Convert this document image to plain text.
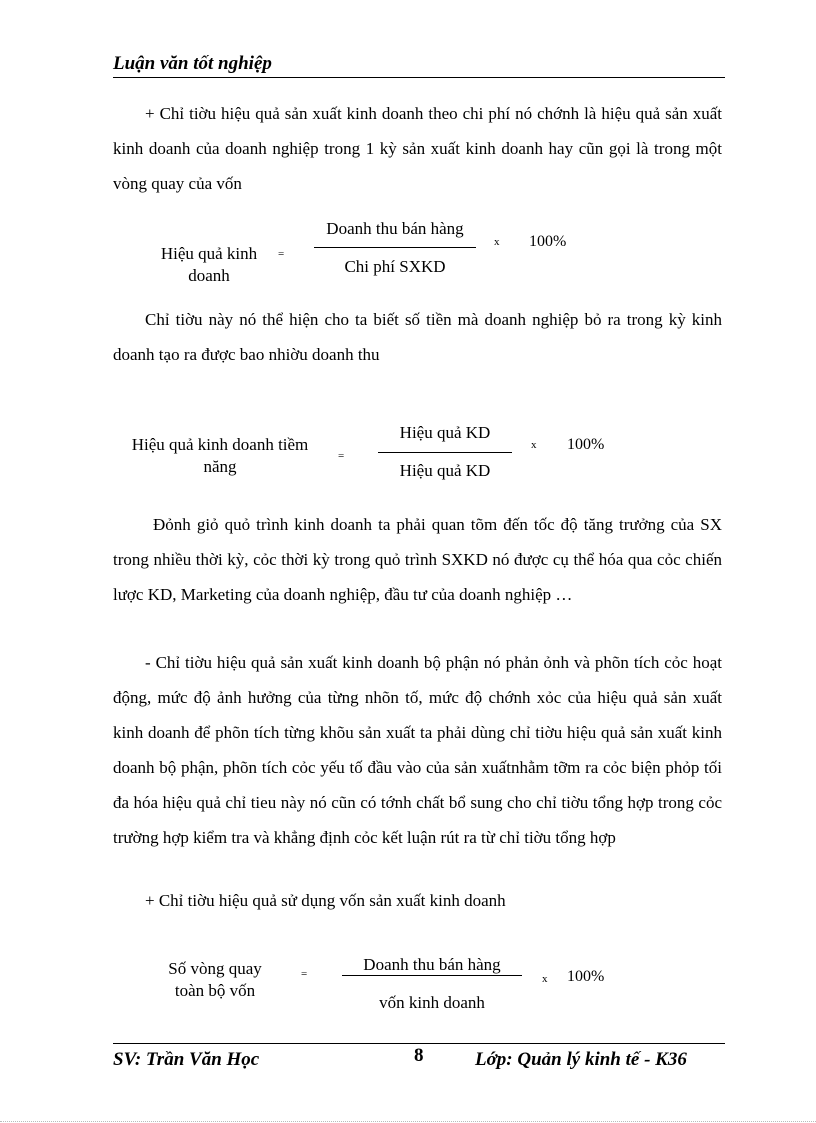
Luận văn tốt nghiệp
+ Chỉ tiờu hiệu quả sản xuất kinh doanh theo chi phí nó chớnh là hiệu quả sản xuất kinh doanh của doanh nghiệp trong 1 kỳ sản xuất kinh doanh hay cũn gọi là trong một vòng quay của vốn
Hiệu quả kinh
doanh
=
Doanh thu bán hàng
Chi phí SXKD
x 100%
Chỉ tiờu này nó thể hiện cho ta biết số tiền mà doanh nghiệp bỏ ra trong kỳ kinh doanh tạo ra được bao nhiờu doanh thu
Hiệu quả kinh doanh tiềm
năng
=
Hiệu quả KD
Hiệu quả KD
x 100%
Đỏnh giỏ quỏ trình kinh doanh ta phải quan tõm đến tốc độ tăng trưởng của SX trong nhiều thời kỳ, cỏc thời kỳ trong quỏ trình SXKD nó được cụ thể hóa qua cỏc chiến lược KD, Marketing của doanh nghiệp, đầu tư của doanh nghiệp …
- Chỉ tiờu hiệu quả sản xuất kinh doanh bộ phận nó phản ỏnh và phõn tích cỏc hoạt động, mức độ ảnh hưởng của từng nhõn tố, mức độ chớnh xỏc của hiệu quả sản xuất kinh doanh để phõn tích từng khõu sản xuất ta phải dùng chỉ tiờu hiệu quả sản xuất kinh doanh bộ phận, phõn tích cỏc yếu tố đầu vào của sản xuấtnhằm tỡm ra cỏc biện phỏp tối đa hóa hiệu quả chỉ tieu này nó cũn có tớnh chất bổ sung cho chỉ tiờu tổng hợp trong cỏc trường hợp kiểm tra và khẳng định cỏc kết luận rút ra từ chỉ tiờu tổng hợp
+ Chỉ tiờu hiệu quả sử dụng vốn sản xuất kinh doanh
Số vòng quay
toàn bộ vốn
=	Doanh thu bán hàng
vốn kinh doanh
x 100%
SV: Trần Văn Học	8	Lớp: Quản lý kinh tế - K36
